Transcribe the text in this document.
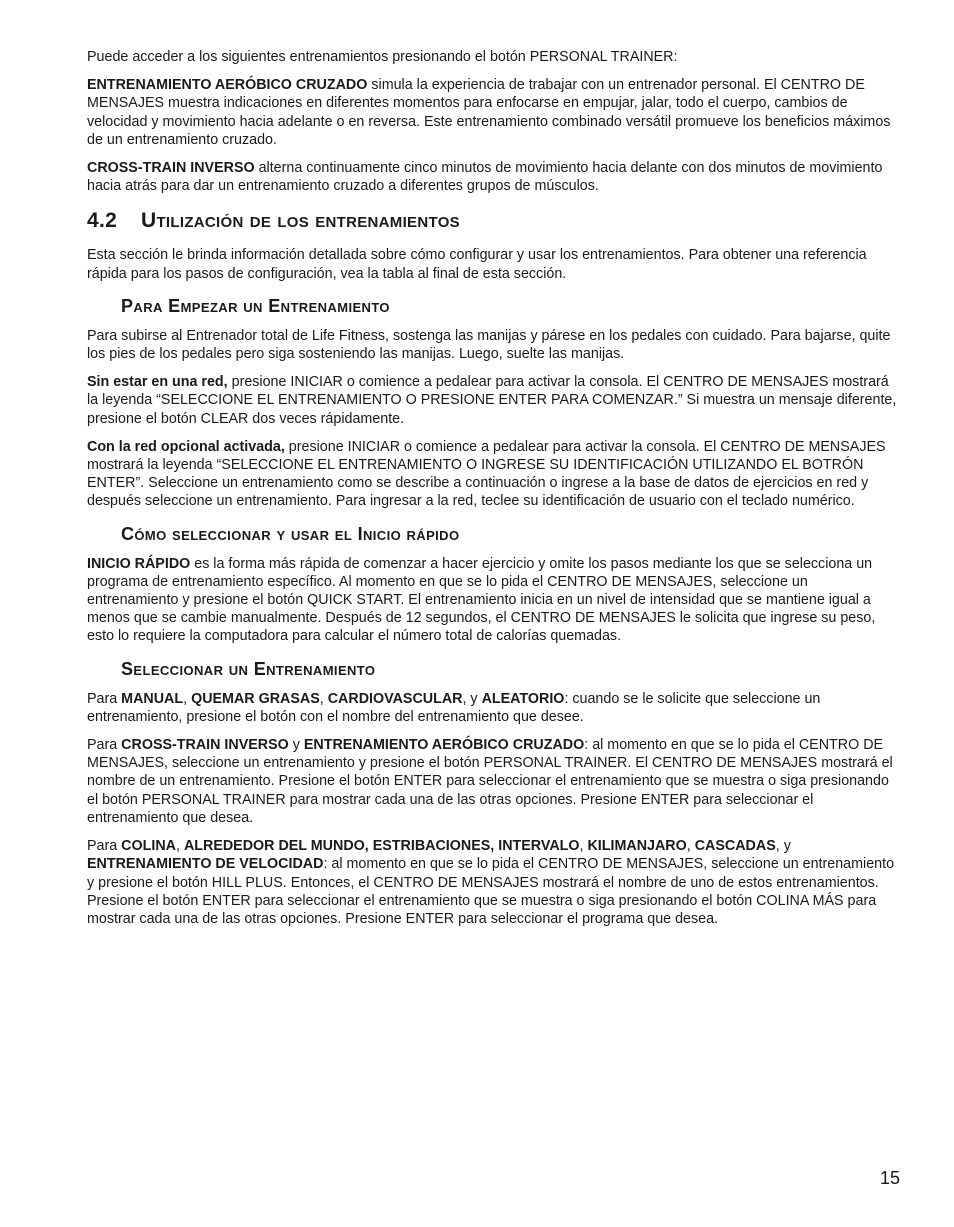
Puede acceder a los siguientes entrenamientos presionando el botón PERSONAL TRAINER:

ENTRENAMIENTO AERÓBICO CRUZADO simula la experiencia de trabajar con un entrenador personal. El CENTRO DE MENSAJES muestra indicaciones en diferentes momentos para enfocarse en empujar, jalar, todo el cuerpo, cambios de velocidad y movimiento hacia adelante o en reversa. Este entrenamiento combinado versátil promueve los beneficios máximos de un entrenamiento cruzado.

CROSS-TRAIN INVERSO alterna continuamente cinco minutos de movimiento hacia delante con dos minutos de movimiento hacia atrás para dar un entrenamiento cruzado a diferentes grupos de músculos.

4.2 Utilización de los entrenamientos

Esta sección le brinda información detallada sobre cómo configurar y usar los entrenamientos. Para obtener una referencia rápida para los pasos de configuración, vea la tabla al final de esta sección.

Para Empezar un Entrenamiento

Para subirse al Entrenador total de Life Fitness, sostenga las manijas y párese en los pedales con cuidado. Para bajarse, quite los pies de los pedales pero siga sosteniendo las manijas. Luego, suelte las manijas.

Sin estar en una red, presione INICIAR o comience a pedalear para activar la consola. El CENTRO DE MENSAJES mostrará la leyenda “SELECCIONE EL ENTRENAMIENTO O PRESIONE ENTER PARA COMENZAR.” Si muestra un mensaje diferente, presione el botón CLEAR dos veces rápidamente.

Con la red opcional activada, presione INICIAR o comience a pedalear para activar la consola. El CENTRO DE MENSAJES mostrará la leyenda “SELECCIONE EL ENTRENAMIENTO O INGRESE SU IDENTIFICACIÓN UTILIZANDO EL BOTRÓN ENTER”. Seleccione un entrenamiento como se describe a continuación o ingrese a la base de datos de ejercicios en red y después seleccione un entrenamiento. Para ingresar a la red, teclee su identificación de usuario con el teclado numérico.

Cómo seleccionar y usar el Inicio rápido

INICIO RÁPIDO es la forma más rápida de comenzar a hacer ejercicio y omite los pasos mediante los que se selecciona un programa de entrenamiento específico. Al momento en que se lo pida el CENTRO DE MENSAJES, seleccione un entrenamiento y presione el botón QUICK START. El entrenamiento inicia en un nivel de intensidad que se mantiene igual a menos que se cambie manualmente. Después de 12 segundos, el CENTRO DE MENSAJES le solicita que ingrese su peso, esto lo requiere la computadora para calcular el número total de calorías quemadas.

Seleccionar un Entrenamiento

Para MANUAL, QUEMAR GRASAS, CARDIOVASCULAR, y ALEATORIO: cuando se le solicite que seleccione un entrenamiento, presione el botón con el nombre del entrenamiento que desee.

Para CROSS-TRAIN INVERSO y ENTRENAMIENTO AERÓBICO CRUZADO: al momento en que se lo pida el CENTRO DE MENSAJES, seleccione un entrenamiento y presione el botón PERSONAL TRAINER. El CENTRO DE MENSAJES mostrará el nombre de un entrenamiento. Presione el botón ENTER para seleccionar el entrenamiento que se muestra o siga presionando el botón PERSONAL TRAINER para mostrar cada una de las otras opciones. Presione ENTER para seleccionar el entrenamiento que desea.

Para COLINA, ALREDEDOR DEL MUNDO, ESTRIBACIONES, INTERVALO, KILIMANJARO, CASCADAS, y ENTRENAMIENTO DE VELOCIDAD: al momento en que se lo pida el CENTRO DE MENSAJES, seleccione un entrenamiento y presione el botón HILL PLUS. Entonces, el CENTRO DE MENSAJES mostrará el nombre de uno de estos entrenamientos. Presione el botón ENTER para seleccionar el entrenamiento que se muestra o siga presionando el botón COLINA MÁS para mostrar cada una de las otras opciones. Presione ENTER para seleccionar el programa que desea.

15
